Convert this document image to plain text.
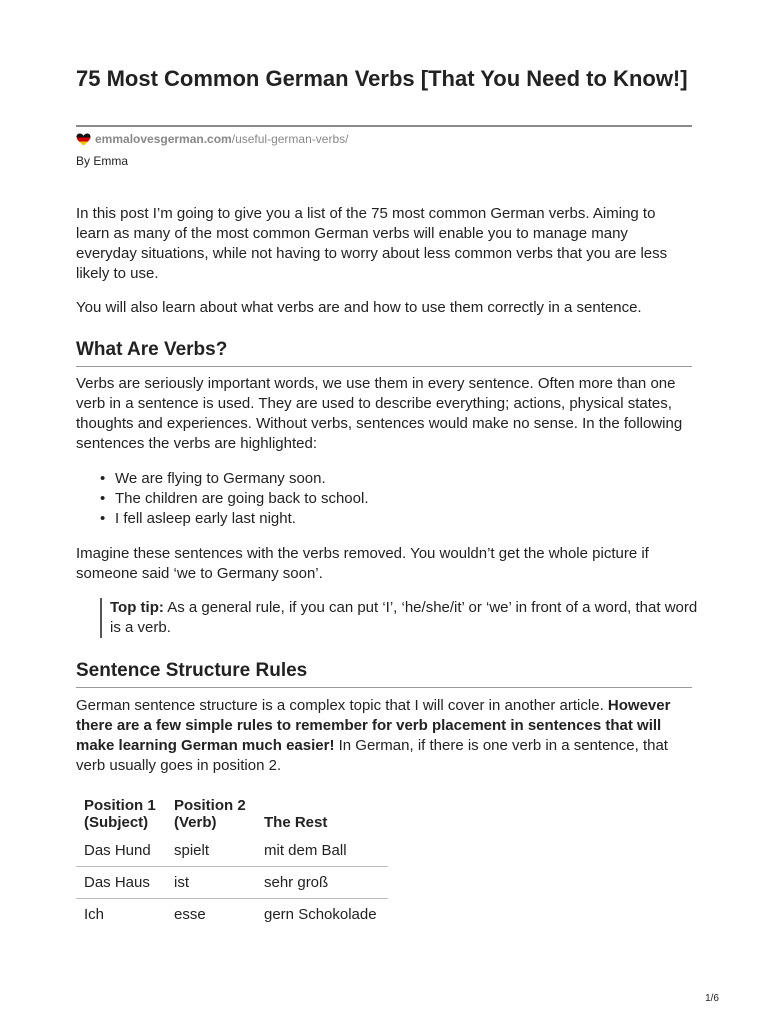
75 Most Common German Verbs [That You Need to Know!]
emmalovesgerman.com /useful-german-verbs/
By Emma

In this post I’m going to give you a list of the 75 most common German verbs. Aiming to learn as many of the most common German verbs will enable you to manage many everyday situations, while not having to worry about less common verbs that you are less likely to use.

You will also learn about what verbs are and how to use them correctly in a sentence.

What Are Verbs?

Verbs are seriously important words, we use them in every sentence. Often more than one verb in a sentence is used. They are used to describe everything; actions, physical states, thoughts and experiences. Without verbs, sentences would make no sense. In the following sentences the verbs are highlighted:

• We are flying to Germany soon.
• The children are going back to school.
• I fell asleep early last night.

Imagine these sentences with the verbs removed. You wouldn’t get the whole picture if someone said ‘we to Germany soon’.

Top tip: As a general rule, if you can put ‘I’, ‘he/she/it’ or ‘we’ in front of a word, that word is a verb.
Sentence Structure Rules

German sentence structure is a complex topic that I will cover in another article. However there are a few simple rules to remember for verb placement in sentences that will make learning German much easier! In German, if there is one verb in a sentence, that verb usually goes in position 2.

Position 1
(Subject)	Position 2
(Verb)	The Rest
Das Hund	spielt	mit dem Ball
Das Haus	ist	sehr groß
Ich	esse	gern Schokolade
1/6
